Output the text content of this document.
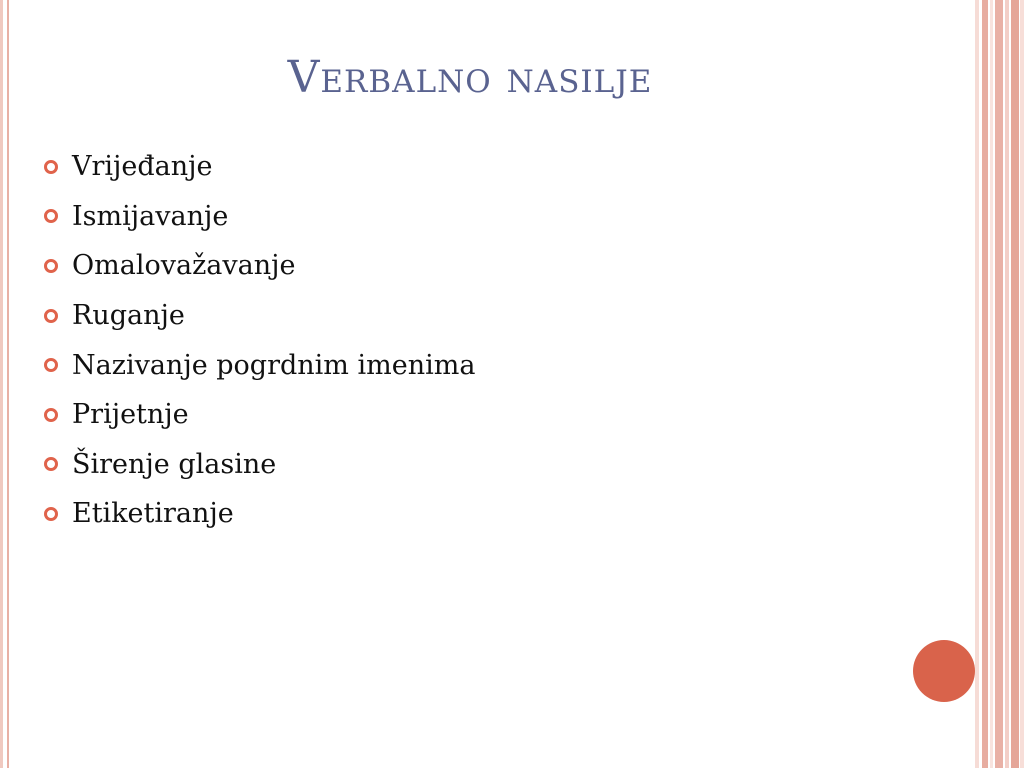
Verbalno nasilje
Vrijeđanje
Ismijavanje
Omalovažavanje
Ruganje
Nazivanje pogrdnim imenima
Prijetnje
Širenje glasine
Etiketiranje
